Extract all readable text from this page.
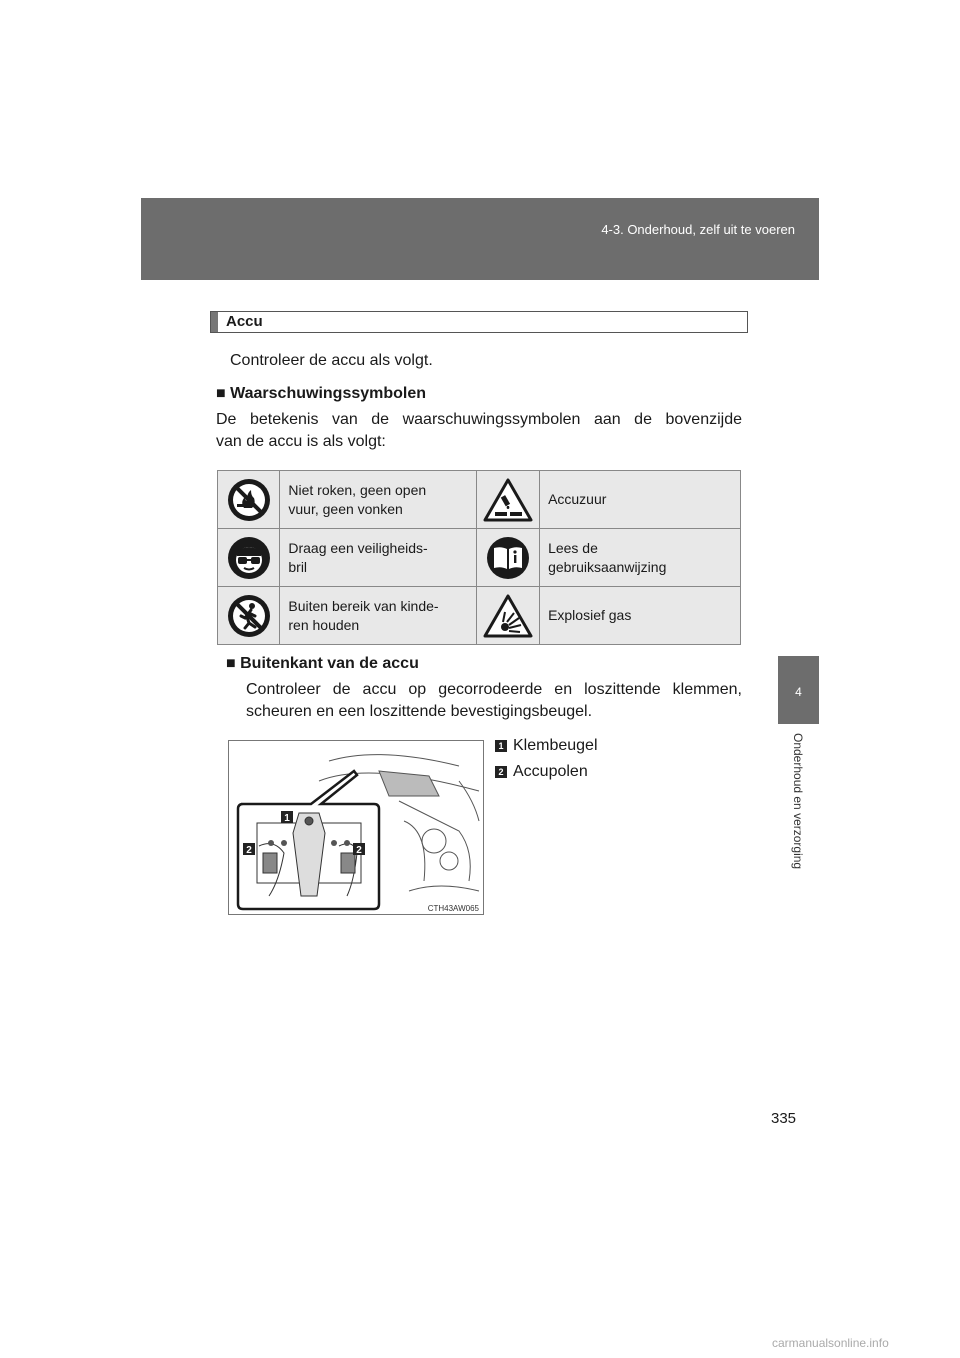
4-3. Onderhoud, zelf uit te voeren
4
Onderhoud en verzorging
Accu
Controleer de accu als volgt.
■ Waarschuwingssymbolen
De betekenis van de waarschuwingssymbolen aan de bovenzijde
van de accu is als volgt:
	Niet roken, geen open
vuur, geen vonken		Accuzuur

	Draag een veiligheids-
bril		Lees de
gebruiksaanwijzing

	Buiten bereik van kinde-
ren houden		Explosief gas

■ Buitenkant van de accu
Controleer de accu op gecorrodeerde en loszittende klemmen,
scheuren en een loszittende bevestigingsbeugel.
1
2	2
CTH43AW065
1 Klembeugel
2 Accupolen
335
carmanualsonline.info
